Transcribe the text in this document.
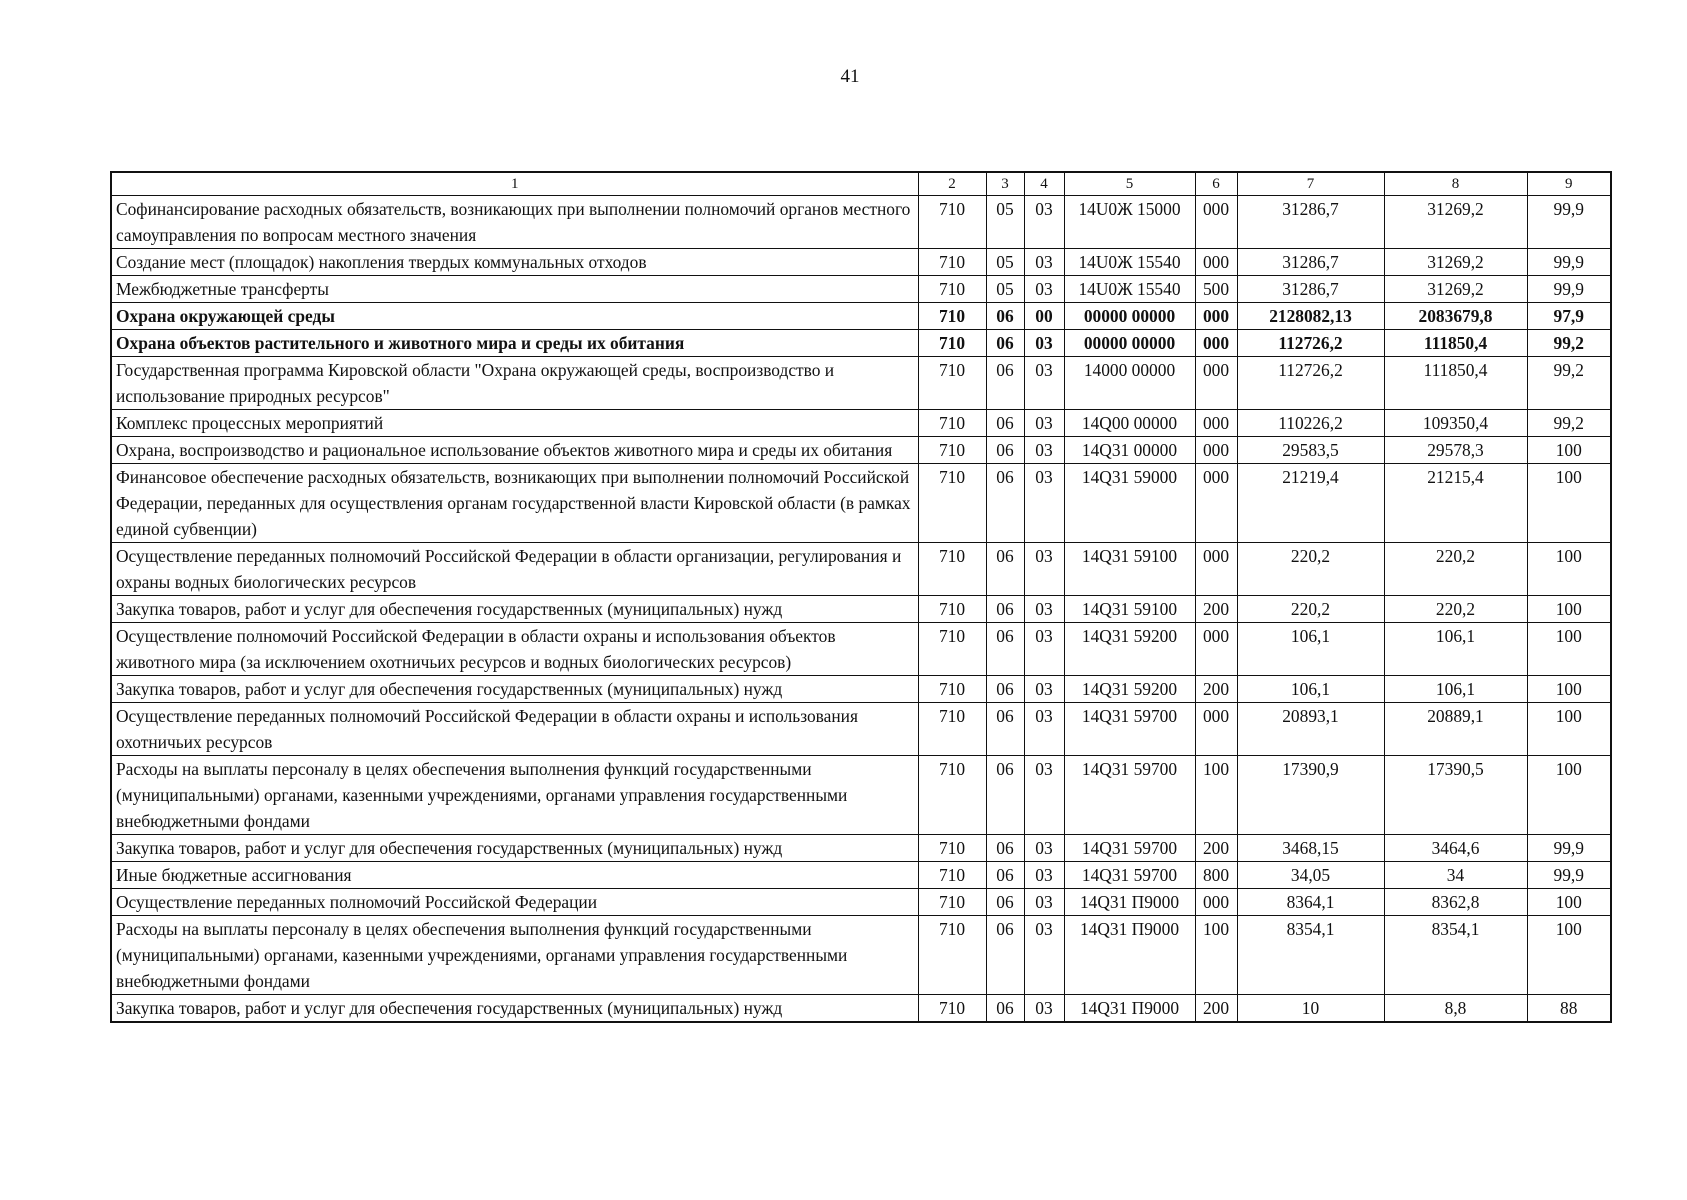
41
1	2	3	4	5	6	7	8	9
Софинансирование расходных обязательств, возникающих при выполнении полномочий органов местного самоуправления по вопросам местного значения	710	05	03	14U0Ж 15000	000	31286,7	31269,2	99,9
Создание мест (площадок) накопления твердых коммунальных отходов	710	05	03	14U0Ж 15540	000	31286,7	31269,2	99,9
Межбюджетные трансферты	710	05	03	14U0Ж 15540	500	31286,7	31269,2	99,9
Охрана окружающей среды	710	06	00	00000 00000	000	2128082,13	2083679,8	97,9
Охрана объектов растительного и животного мира и среды их обитания	710	06	03	00000 00000	000	112726,2	111850,4	99,2
Государственная программа Кировской области "Охрана окружающей среды, воспроизводство и использование природных ресурсов"	710	06	03	14000 00000	000	112726,2	111850,4	99,2
Комплекс процессных мероприятий	710	06	03	14Q00 00000	000	110226,2	109350,4	99,2
Охрана, воспроизводство и рациональное использование объектов животного мира и среды их обитания	710	06	03	14Q31 00000	000	29583,5	29578,3	100
Финансовое обеспечение расходных обязательств, возникающих при выполнении полномочий Российской Федерации, переданных для осуществления органам государственной власти Кировской области (в рамках единой субвенции)	710	06	03	14Q31 59000	000	21219,4	21215,4	100
Осуществление переданных полномочий Российской Федерации в области организации, регулирования и охраны водных биологических ресурсов	710	06	03	14Q31 59100	000	220,2	220,2	100
Закупка товаров, работ и услуг для обеспечения государственных (муниципальных) нужд	710	06	03	14Q31 59100	200	220,2	220,2	100
Осуществление полномочий Российской Федерации в области охраны и использования объектов животного мира (за исключением охотничьих ресурсов и водных биологических ресурсов)	710	06	03	14Q31 59200	000	106,1	106,1	100
Закупка товаров, работ и услуг для обеспечения государственных (муниципальных) нужд	710	06	03	14Q31 59200	200	106,1	106,1	100
Осуществление переданных полномочий Российской Федерации в области охраны и использования охотничьих ресурсов	710	06	03	14Q31 59700	000	20893,1	20889,1	100
Расходы на выплаты персоналу в целях обеспечения выполнения функций государственными (муниципальными) органами, казенными учреждениями, органами управления государственными внебюджетными фондами	710	06	03	14Q31 59700	100	17390,9	17390,5	100
Закупка товаров, работ и услуг для обеспечения государственных (муниципальных) нужд	710	06	03	14Q31 59700	200	3468,15	3464,6	99,9
Иные бюджетные ассигнования	710	06	03	14Q31 59700	800	34,05	34	99,9
Осуществление переданных полномочий Российской Федерации	710	06	03	14Q31 П9000	000	8364,1	8362,8	100
Расходы на выплаты персоналу в целях обеспечения выполнения функций государственными (муниципальными) органами, казенными учреждениями, органами управления государственными внебюджетными фондами	710	06	03	14Q31 П9000	100	8354,1	8354,1	100
Закупка товаров, работ и услуг для обеспечения государственных (муниципальных) нужд	710	06	03	14Q31 П9000	200	10	8,8	88
